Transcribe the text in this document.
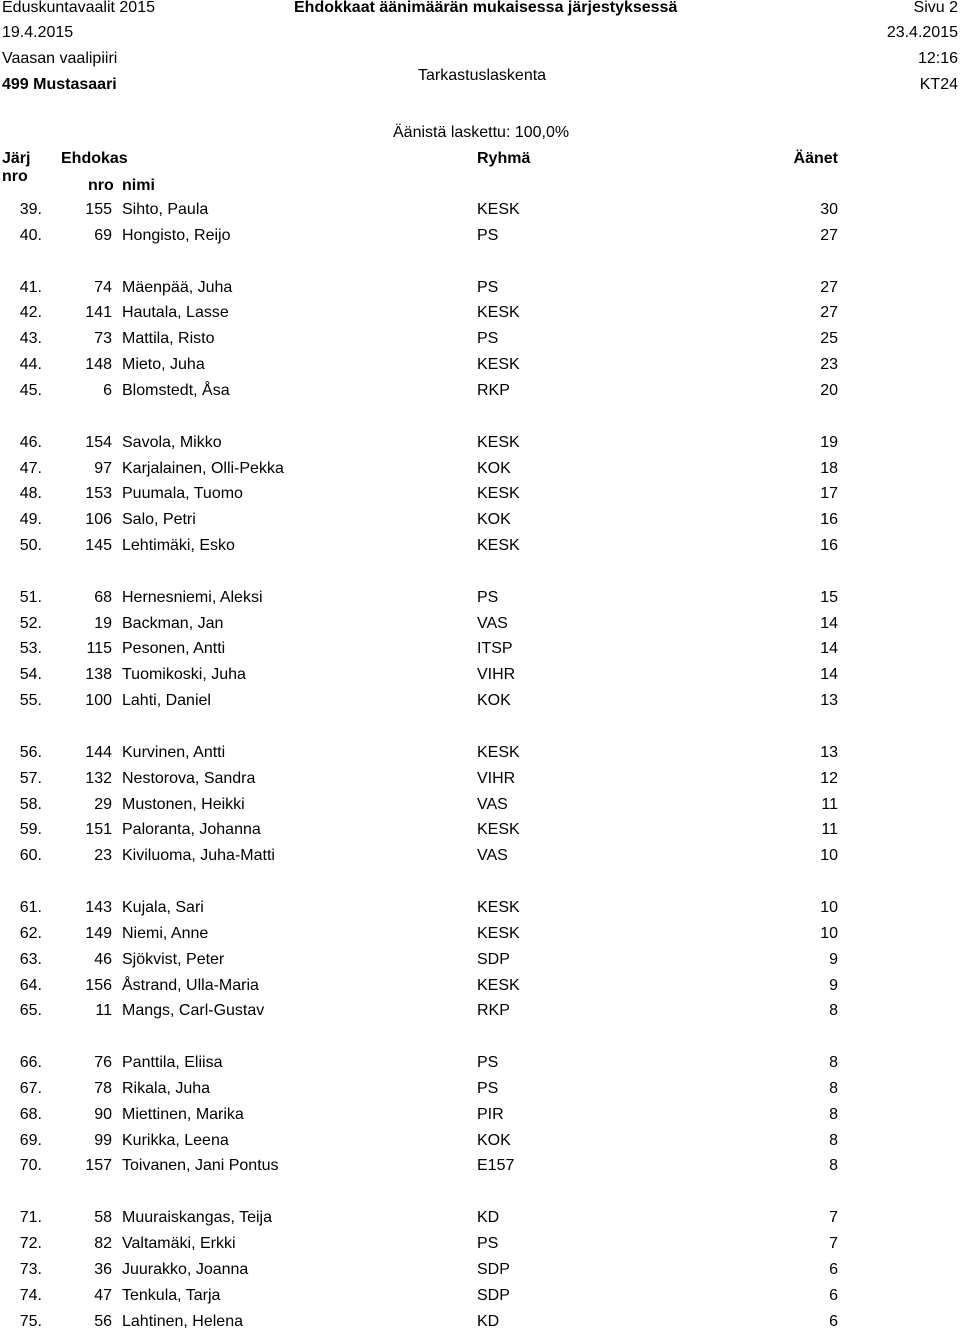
Eduskuntavaalit 2015	Ehdokkaat äänimäärän mukaisessa järjestyksessä	Sivu 2
19.4.2015	23.4.2015
Vaasan vaalipiiri	12:16
Tarkastuslaskenta
499 Mustasaari	KT24
Äänistä laskettu: 100,0%
Järj
nro
Ehdokas
nro nimi
Ryhmä	Äänet
39.	155 Sihto, Paula	KESK	30
40.	69 Hongisto, Reijo	PS	27
41.	74 Mäenpää, Juha	PS	27
42.	141 Hautala, Lasse	KESK	27
43.	73 Mattila, Risto	PS	25
44.	148 Mieto, Juha	KESK	23
45.	6 Blomstedt, Åsa	RKP	20
46.	154 Savola, Mikko	KESK	19
47.	97 Karjalainen, Olli-Pekka	KOK	18
48.	153 Puumala, Tuomo	KESK	17
49.	106 Salo, Petri	KOK	16
50.	145 Lehtimäki, Esko	KESK	16
51.	68 Hernesniemi, Aleksi	PS	15
52.	19 Backman, Jan	VAS	14
53.	115 Pesonen, Antti	ITSP	14
54.	138 Tuomikoski, Juha	VIHR	14
55.	100 Lahti, Daniel	KOK	13
56.	144 Kurvinen, Antti	KESK	13
57.	132 Nestorova, Sandra	VIHR	12
58.	29 Mustonen, Heikki	VAS	11
59.	151 Paloranta, Johanna	KESK	11
60.	23 Kiviluoma, Juha-Matti	VAS	10
61.	143 Kujala, Sari	KESK	10
62.	149 Niemi, Anne	KESK	10
63.	46 Sjökvist, Peter	SDP	9
64.	156 Åstrand, Ulla-Maria	KESK	9
65.	11 Mangs, Carl-Gustav	RKP	8
66.	76 Panttila, Eliisa	PS	8
67.	78 Rikala, Juha	PS	8
68.	90 Miettinen, Marika	PIR	8
69.	99 Kurikka, Leena	KOK	8
70.	157 Toivanen, Jani Pontus	E157	8
71.	58 Muuraiskangas, Teija	KD	7
72.	82 Valtamäki, Erkki	PS	7
73.	36 Juurakko, Joanna	SDP	6
74.	47 Tenkula, Tarja	SDP	6
75.	56 Lahtinen, Helena	KD	6
